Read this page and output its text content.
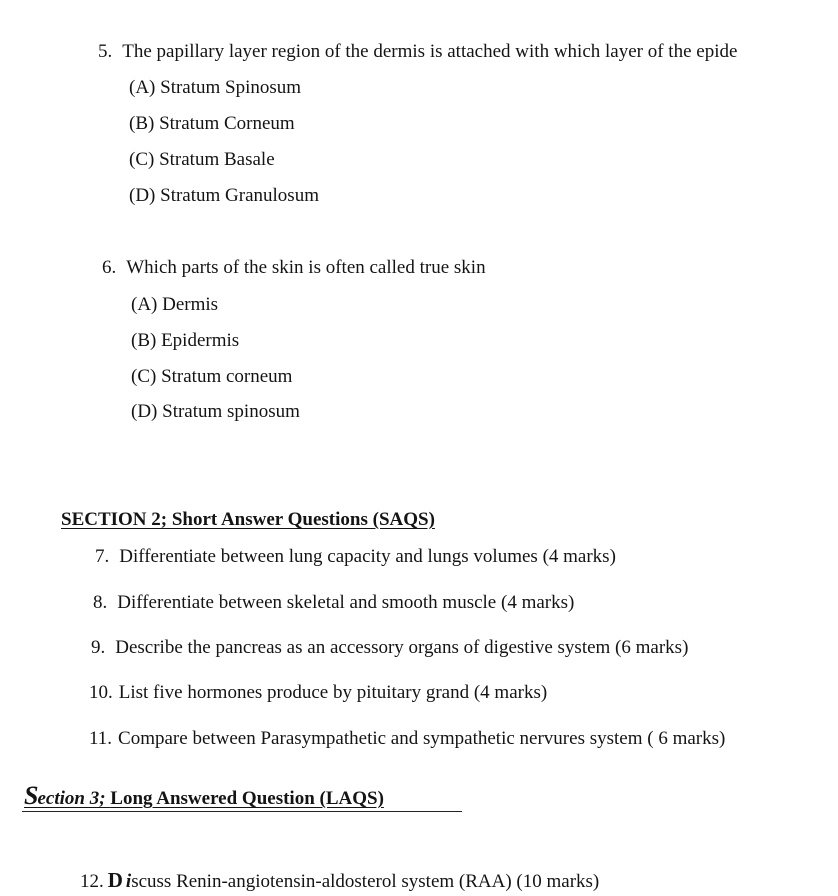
5. The papillary layer region of the dermis is attached with which layer of the epide
(A) Stratum Spinosum
(B) Stratum Corneum
(C) Stratum Basale
(D) Stratum Granulosum
6. Which parts of the skin is often called true skin
(A) Dermis
(B) Epidermis
(C) Stratum corneum
(D) Stratum spinosum
SECTION 2; Short Answer Questions (SAQS)
7. Differentiate between lung capacity and lungs volumes (4 marks)
8. Differentiate between skeletal and smooth muscle (4 marks)
9. Describe the pancreas as an accessory organs of digestive system (6 marks)
10. List five hormones produce by pituitary grand (4 marks)
11. Compare between Parasympathetic and sympathetic nervures system ( 6 marks)
Section 3; Long Answered Question (LAQS)
12. Discuss Renin-angiotensin-aldosterol system (RAA) (10 marks)
